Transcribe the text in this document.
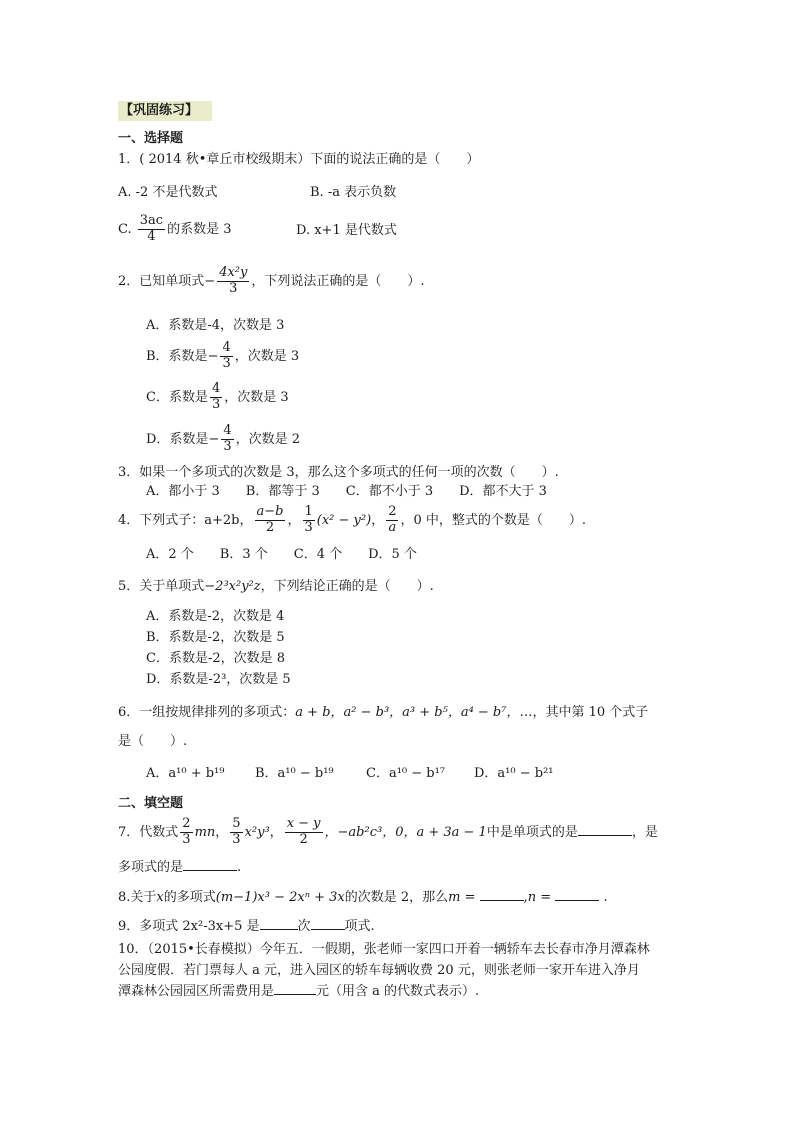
【巩固练习】
一、选择题
1．( 2014 秋•章丘市校级期末）下面的说法正确的是（　　）
A. -2 不是代数式	B. -a 表示负数
C. $\frac{3ac}{4}$ 的系数是 3	D. x+1 是代数式
2．已知单项式− $\frac{\text{4x²y}}{3}$ ，下列说法正确的是（　　）.
A．系数是-4，次数是 3
B．系数是− $\frac{4}{3}$ ，次数是 3
C．系数是 $\frac{4}{3}$ ，次数是 3
D．系数是− $\frac{4}{3}$ ，次数是 2
3．如果一个多项式的次数是 3，那么这个多项式的任何一项的次数（　　）.
A．都小于 3　　B．都等于 3　　C．都不小于 3　　D．都不大于 3
4．下列式子：a+2b， $\frac{a-b}{2}$ ， $\frac{1}{3} (x^2 - y^2)$， $\frac{2}{a}$ ，0 中，整式的个数是（　　）.
A．2 个　　B．3 个　　C．4 个　　D．5 个
5．关于单项式−2³x²y²z，下列结论正确的是（　　）.
A．系数是-2，次数是 4
B．系数是-2，次数是 5
C．系数是-2，次数是 8
D．系数是-2³，次数是 5
6．一组按规律排列的多项式：a + b，a² − b³，a³ + b⁵，a⁴ − b⁷，…，其中第 10 个式子
是（　　）.
A．a¹⁰ + b¹⁹ B．a¹⁰ − b¹⁹ C．a¹⁰ − b¹⁷ D．a¹⁰ − b²¹
二、填空题
7．代数式 $\frac{2}{3}$ mn， $\frac{5}{3} x^2y^3$， $\frac{x - y}{2}$ ，−ab²c³，0，a + 3a − 1中是单项式的是	，是
多项式的是	.
8.关于x的多项式(m−1)x³ − 2xⁿ + 3x的次数是 2，那么m =	,n =	.
9．多项式 2x²-3x+5 是	次	项式.
10．（2015•长春模拟）今年五．一假期，张老师一家四口开着一辆轿车去长春市净月潭森林
公园度假．若门票每人 a 元，进入园区的轿车每辆收费 20 元，则张老师一家开车进入净月
潭森林公园园区所需费用是	元（用含 a 的代数式表示）.
